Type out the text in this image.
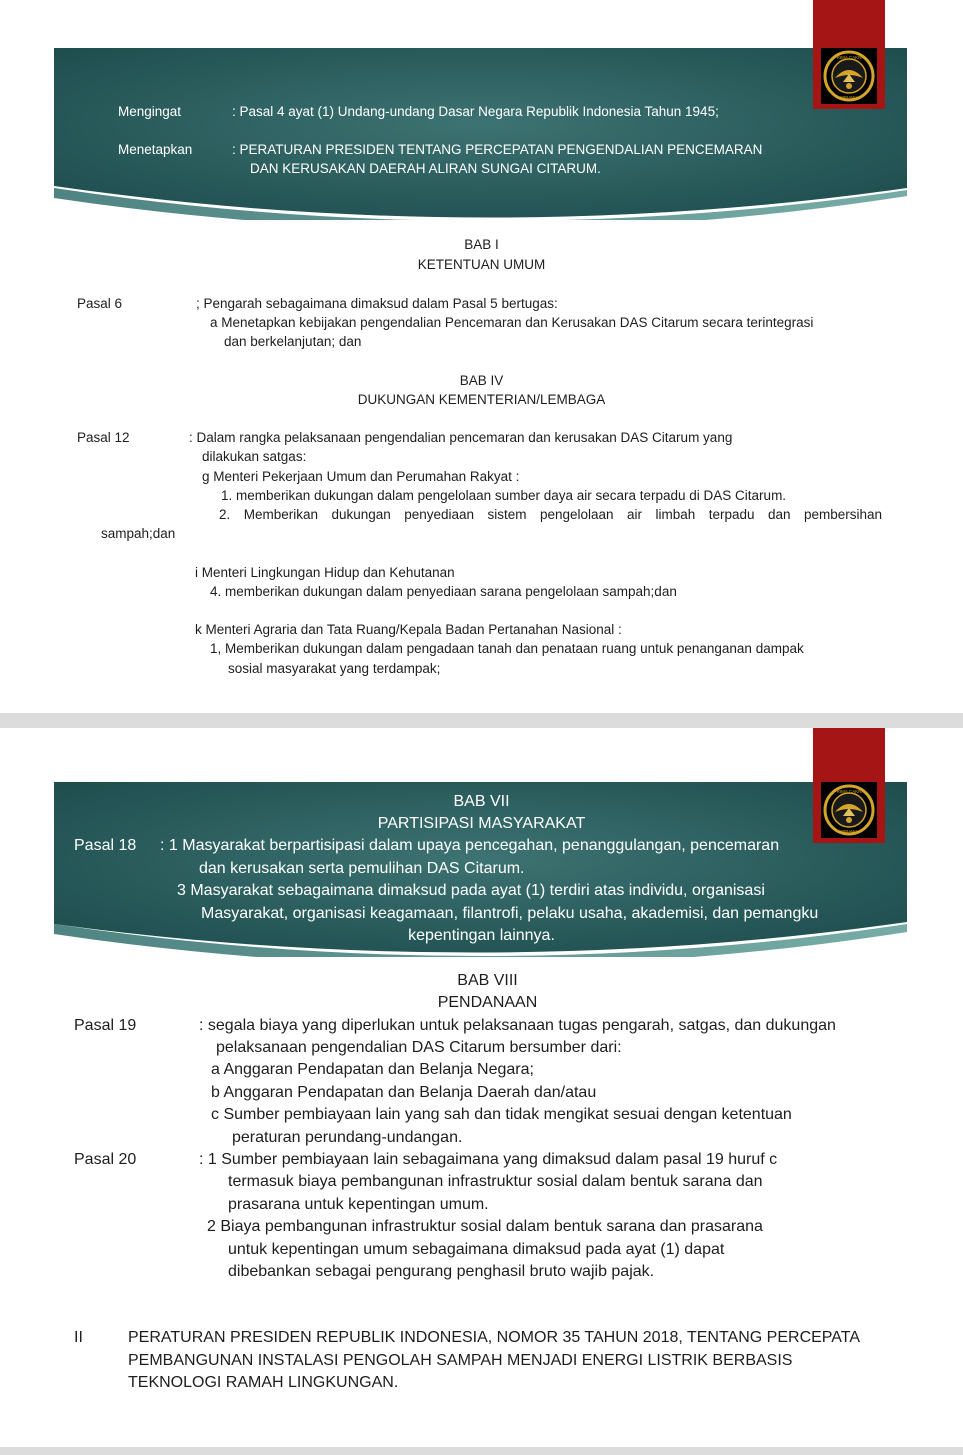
PRIMA CAKRA
WIBAWA
Mengingat	: Pasal 4 ayat (1) Undang-undang Dasar Negara Republik Indonesia Tahun 1945;
Menetapkan	: PERATURAN PRESIDEN TENTANG PERCEPATAN PENGENDALIAN PENCEMARAN
DAN KERUSAKAN DAERAH ALIRAN SUNGAI CITARUM.
BAB I
KETENTUAN UMUM
Pasal 6	; Pengarah sebagaimana dimaksud dalam Pasal 5 bertugas:
a Menetapkan kebijakan pengendalian Pencemaran dan Kerusakan DAS Citarum secara terintegrasi
dan berkelanjutan; dan
BAB IV
DUKUNGAN KEMENTERIAN/LEMBAGA
Pasal 12	: Dalam rangka pelaksanaan pengendalian pencemaran dan kerusakan DAS Citarum yang
dilakukan satgas:
g Menteri Pekerjaan Umum dan Perumahan Rakyat :
1. memberikan dukungan dalam pengelolaan sumber daya air secara terpadu di DAS Citarum.
2. Memberikan dukungan penyediaan sistem pengelolaan air limbah terpadu dan pembersihan
sampah;dan
i Menteri Lingkungan Hidup dan Kehutanan
4. memberikan dukungan dalam penyediaan sarana pengelolaan sampah;dan
k Menteri Agraria dan Tata Ruang/Kepala Badan Pertanahan Nasional :
1, Memberikan dukungan dalam pengadaan tanah dan penataan ruang untuk penanganan dampak
sosial masyarakat yang terdampak;
PRIMA CAKRA
WIBAWA
BAB VII
PARTISIPASI MASYARAKAT
Pasal 18 : 1 Masyarakat berpartisipasi dalam upaya pencegahan, penanggulangan, pencemaran
dan kerusakan serta pemulihan DAS Citarum.
3 Masyarakat sebagaimana dimaksud pada ayat (1) terdiri atas individu, organisasi
Masyarakat, organisasi keagamaan, filantrofi, pelaku usaha, akademisi, dan pemangku
kepentingan lainnya.
BAB VIII
PENDANAAN
Pasal 19	: segala biaya yang diperlukan untuk pelaksanaan tugas pengarah, satgas, dan dukungan
pelaksanaan pengendalian DAS Citarum bersumber dari:
a Anggaran Pendapatan dan Belanja Negara;
b Anggaran Pendapatan dan Belanja Daerah dan/atau
c Sumber pembiayaan lain yang sah dan tidak mengikat sesuai dengan ketentuan
peraturan perundang-undangan.
Pasal 20	: 1 Sumber pembiayaan lain sebagaimana yang dimaksud dalam pasal 19 huruf c
termasuk biaya pembangunan infrastruktur sosial dalam bentuk sarana dan
prasarana untuk kepentingan umum.
2 Biaya pembangunan infrastruktur sosial dalam bentuk sarana dan prasarana
untuk kepentingan umum sebagaimana dimaksud pada ayat (1) dapat
dibebankan sebagai pengurang penghasil bruto wajib pajak.
II	PERATURAN PRESIDEN REPUBLIK INDONESIA, NOMOR 35 TAHUN 2018, TENTANG PERCEPATA
PEMBANGUNAN INSTALASI PENGOLAH SAMPAH MENJADI ENERGI LISTRIK BERBASIS
TEKNOLOGI RAMAH LINGKUNGAN.
